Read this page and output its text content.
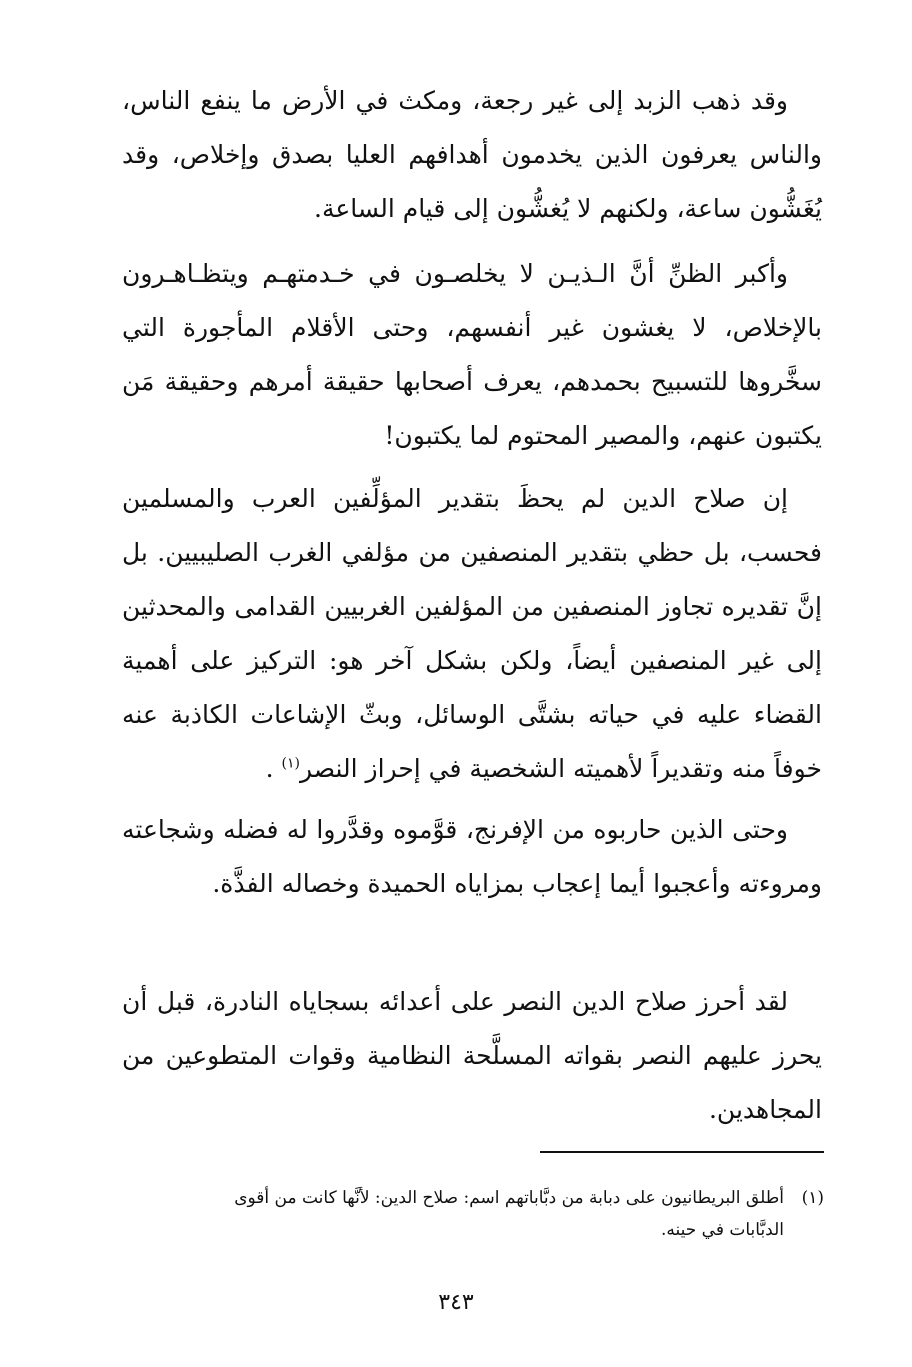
وقد ذهب الزبد إلى غير رجعة، ومكث في الأرض ما ينفع الناس، والناس يعرفون الذين يخدمون أهدافهم العليا بصدق وإخلاص، وقد يُغَشُّون ساعة، ولكنهم لا يُغشُّون إلى قيام الساعة.

وأكبر الظنِّ أنَّ الـذيـن لا يخلصـون في خـدمتهـم ويتظـاهـرون بالإخلاص، لا يغشون غير أنفسهم، وحتى الأقلام المأجورة التي سخَّروها للتسبيح بحمدهم، يعرف أصحابها حقيقة أمرهم وحقيقة مَن يكتبون عنهم، والمصير المحتوم لما يكتبون!

إن صلاح الدين لم يحظَ بتقدير المؤلِّفين العرب والمسلمين فحسب، بل حظي بتقدير المنصفين من مؤلفي الغرب الصليبيين. بل إنَّ تقديره تجاوز المنصفين من المؤلفين الغربيين القدامى والمحدثين إلى غير المنصفين أيضاً، ولكن بشكل آخر هو: التركيز على أهمية القضاء عليه في حياته بشتَّى الوسائل، وبثّ الإشاعات الكاذبة عنه خوفاً منه وتقديراً لأهميته الشخصية في إحراز النصر$^{(١)}$ .

وحتى الذين حاربوه من الإفرنج، قوَّموه وقدَّروا له فضله وشجاعته ومروءته وأعجبوا أيما إعجاب بمزاياه الحميدة وخصاله الفذَّة.

لقد أحرز صلاح الدين النصر على أعدائه بسجاياه النادرة، قبل أن يحرز عليهم النصر بقواته المسلَّحة النظامية وقوات المتطوعين من المجاهدين.

(١)أطلق البريطانيون على دبابة من دبَّاباتهم اسم: صلاح الدين: لأنَّها كانت من أقوى
الدبَّابات في حينه.
٣٤٣
